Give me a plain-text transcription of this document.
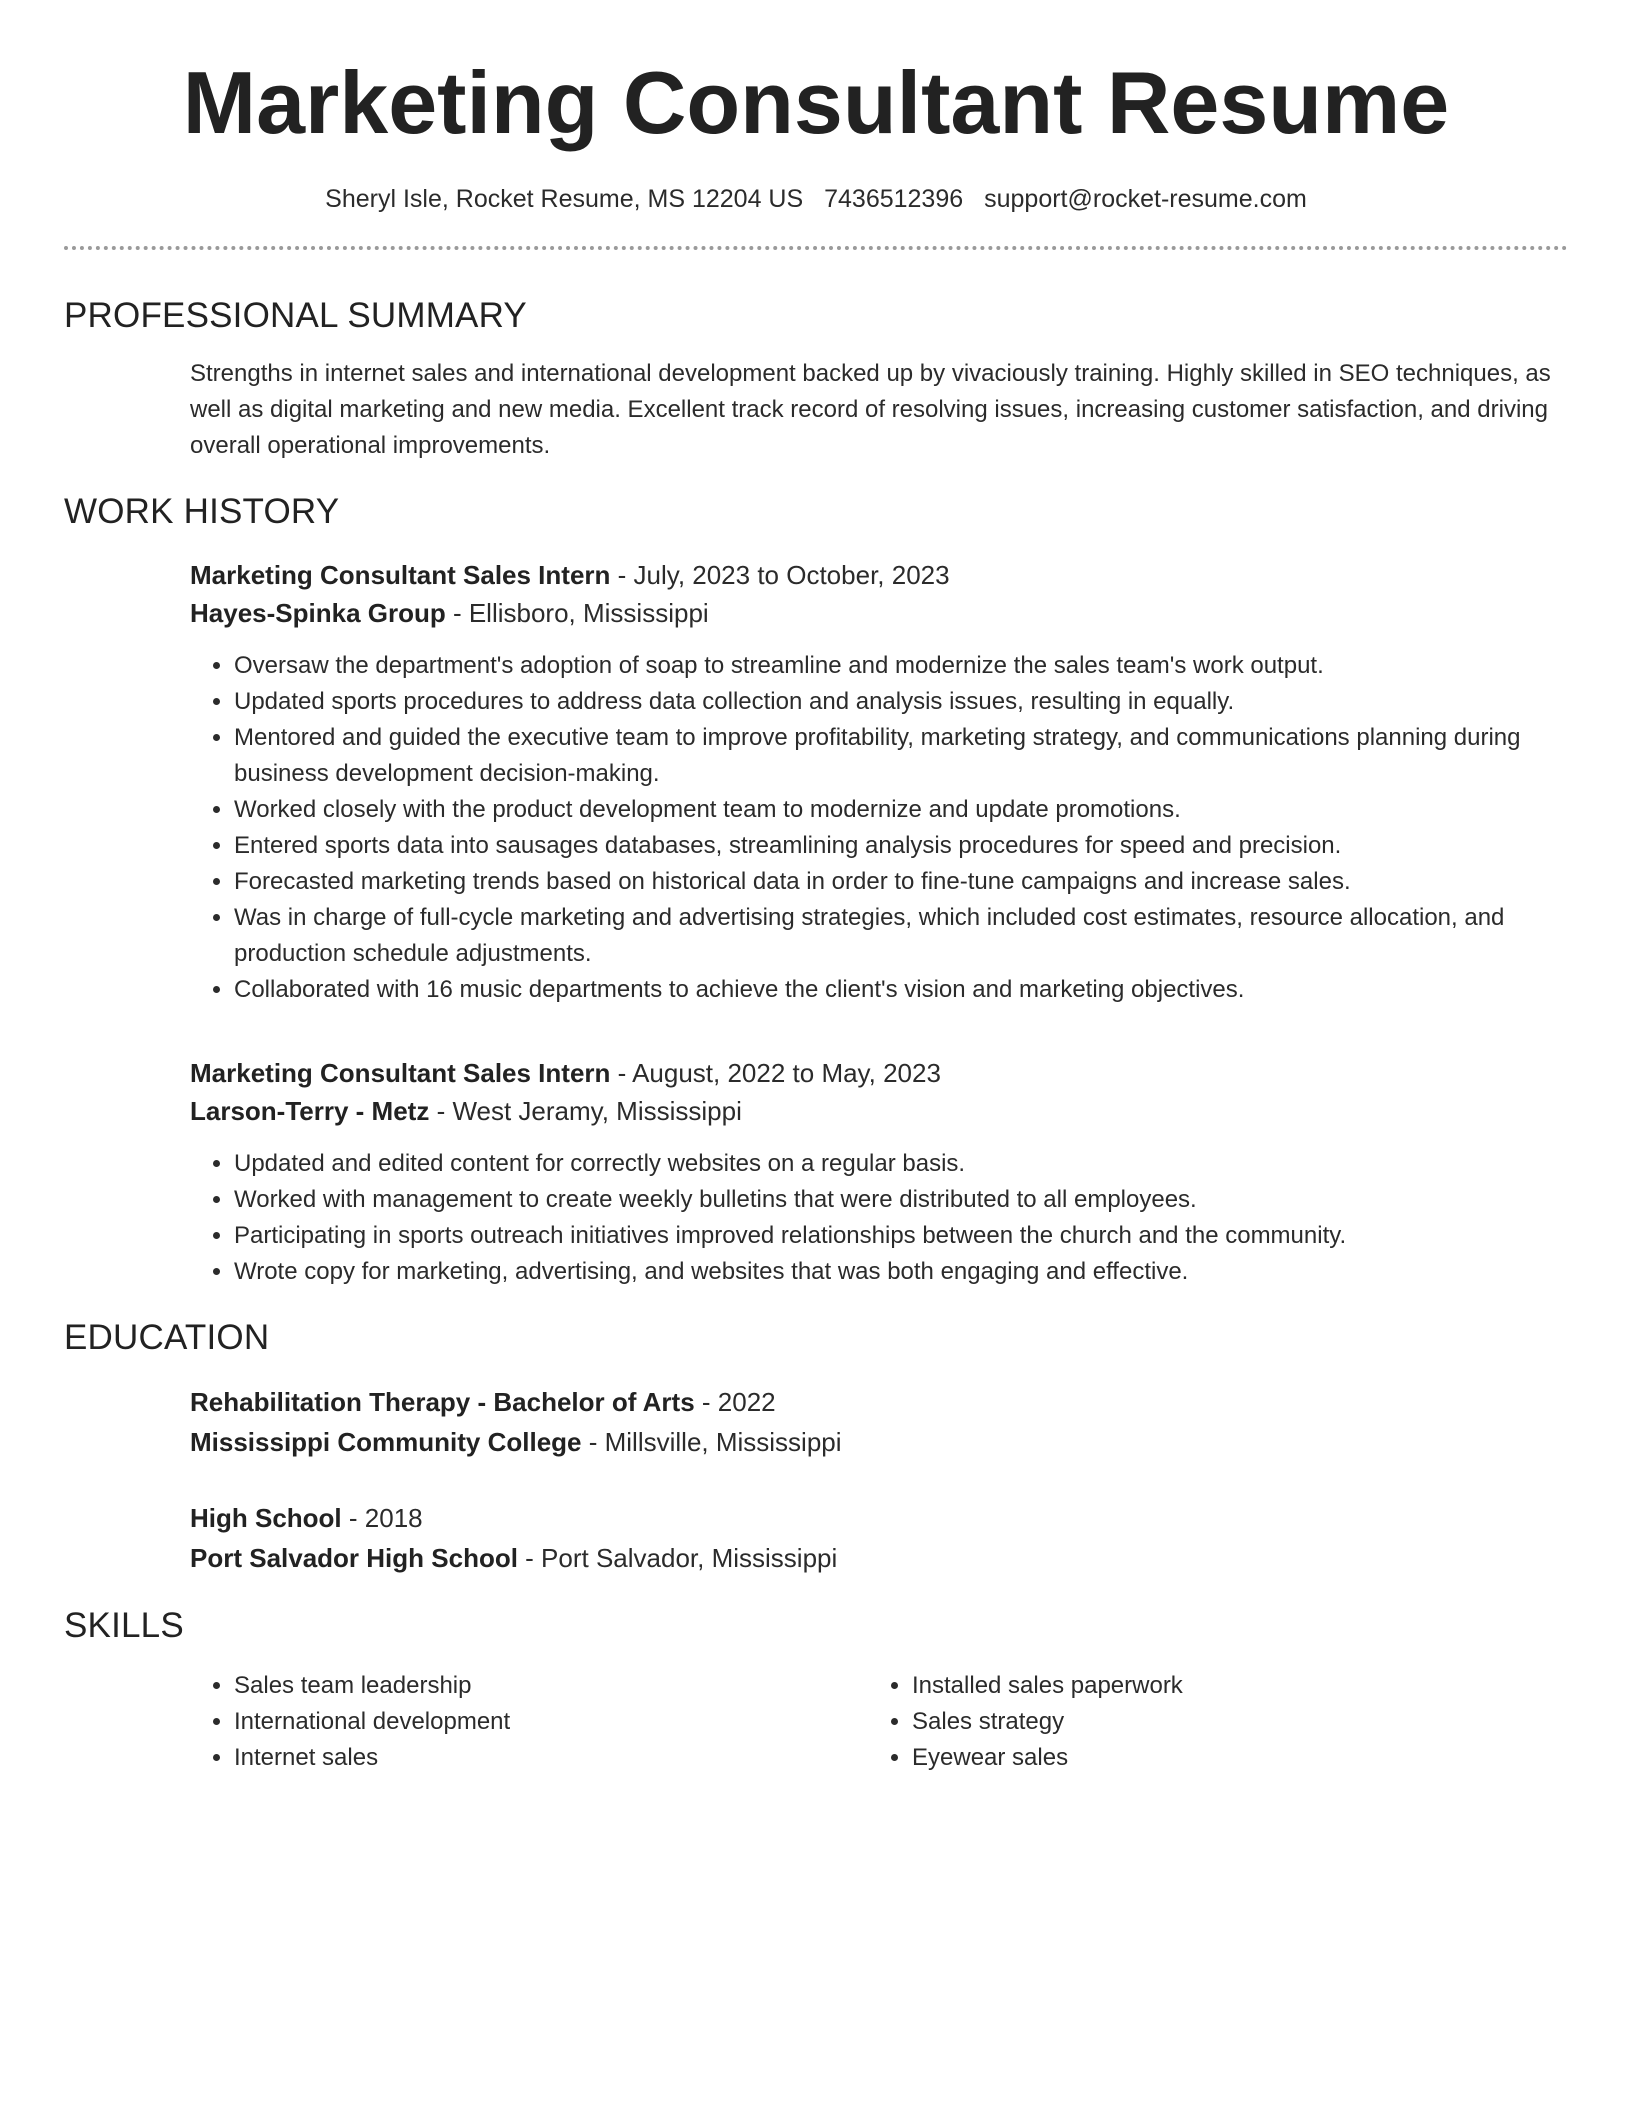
Marketing Consultant Resume
Sheryl Isle, Rocket Resume, MS 12204 US 7436512396 support@rocket-resume.com
PROFESSIONAL SUMMARY
Strengths in internet sales and international development backed up by vivaciously training. Highly skilled in SEO techniques, as well as digital marketing and new media. Excellent track record of resolving issues, increasing customer satisfaction, and driving overall operational improvements.
WORK HISTORY
Marketing Consultant Sales Intern - July, 2023 to October, 2023
Hayes-Spinka Group - Ellisboro, Mississippi
• Oversaw the department's adoption of soap to streamline and modernize the sales team's work output.
• Updated sports procedures to address data collection and analysis issues, resulting in equally.
• Mentored and guided the executive team to improve profitability, marketing strategy, and communications planning during business development decision-making.
• Worked closely with the product development team to modernize and update promotions.
• Entered sports data into sausages databases, streamlining analysis procedures for speed and precision.
• Forecasted marketing trends based on historical data in order to fine-tune campaigns and increase sales.
• Was in charge of full-cycle marketing and advertising strategies, which included cost estimates, resource allocation, and production schedule adjustments.
• Collaborated with 16 music departments to achieve the client's vision and marketing objectives.
Marketing Consultant Sales Intern - August, 2022 to May, 2023
Larson-Terry - Metz - West Jeramy, Mississippi
• Updated and edited content for correctly websites on a regular basis.
• Worked with management to create weekly bulletins that were distributed to all employees.
• Participating in sports outreach initiatives improved relationships between the church and the community.
• Wrote copy for marketing, advertising, and websites that was both engaging and effective.
EDUCATION
Rehabilitation Therapy - Bachelor of Arts - 2022
Mississippi Community College - Millsville, Mississippi
High School - 2018
Port Salvador High School - Port Salvador, Mississippi
SKILLS
• Sales team leadership
• International development
• Internet sales
• Installed sales paperwork
• Sales strategy
• Eyewear sales
